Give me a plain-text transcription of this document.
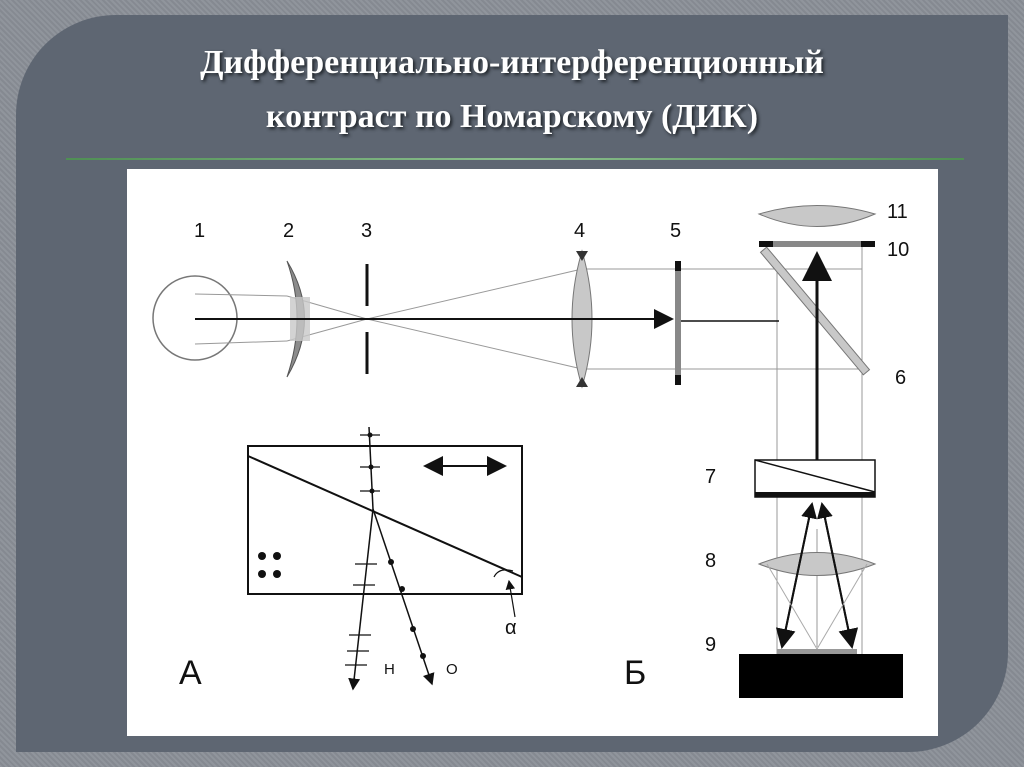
Дифференциально-интерференционный
контраст по Номарскому (ДИК)
1	2	3	4	5
6
7
8
9
10
11
Н	О
α
А	Б
